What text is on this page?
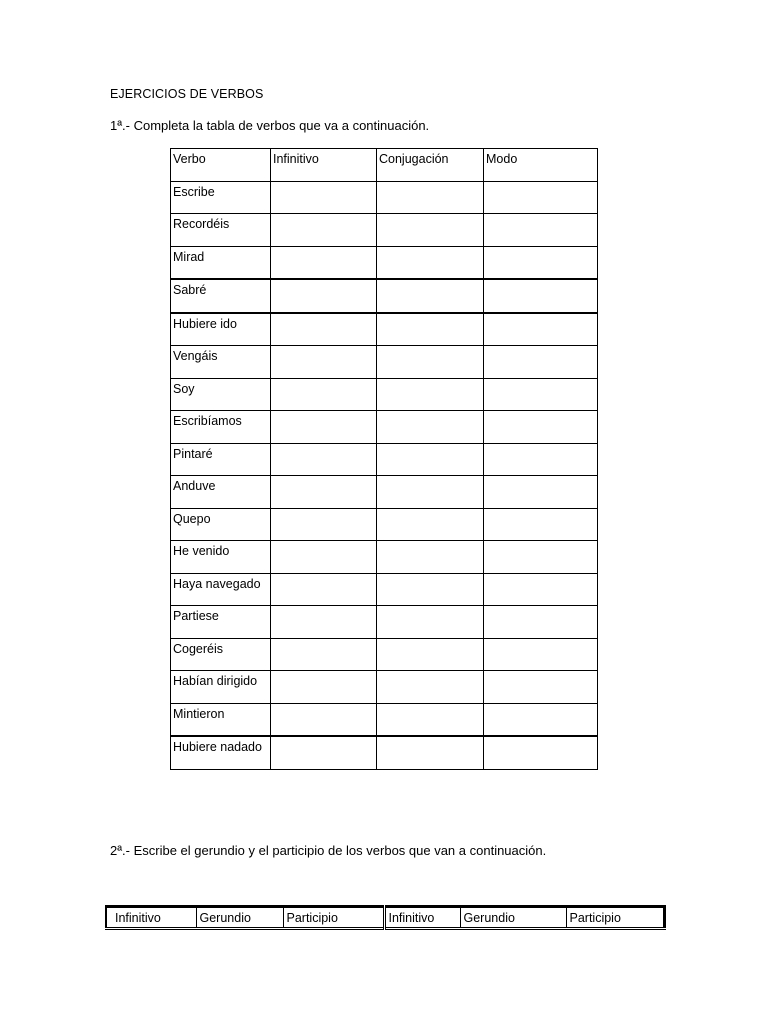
EJERCICIOS DE VERBOS
1ª.- Completa la tabla de verbos que va a continuación.
Verbo	Infinitivo	Conjugación	Modo
Escribe			
Recordéis			
Mirad			
Sabré			
Hubiere ido			
Vengáis			
Soy			
Escribíamos			
Pintaré			
Anduve			
Quepo			
He venido			
Haya navegado			
Partiese			
Cogeréis			
Habían dirigido			
Mintieron			
Hubiere nadado			
2ª.- Escribe el gerundio y el participio de los verbos que van a continuación.
Infinitivo	Gerundio	Participio	Infinitivo	Gerundio	Participio
